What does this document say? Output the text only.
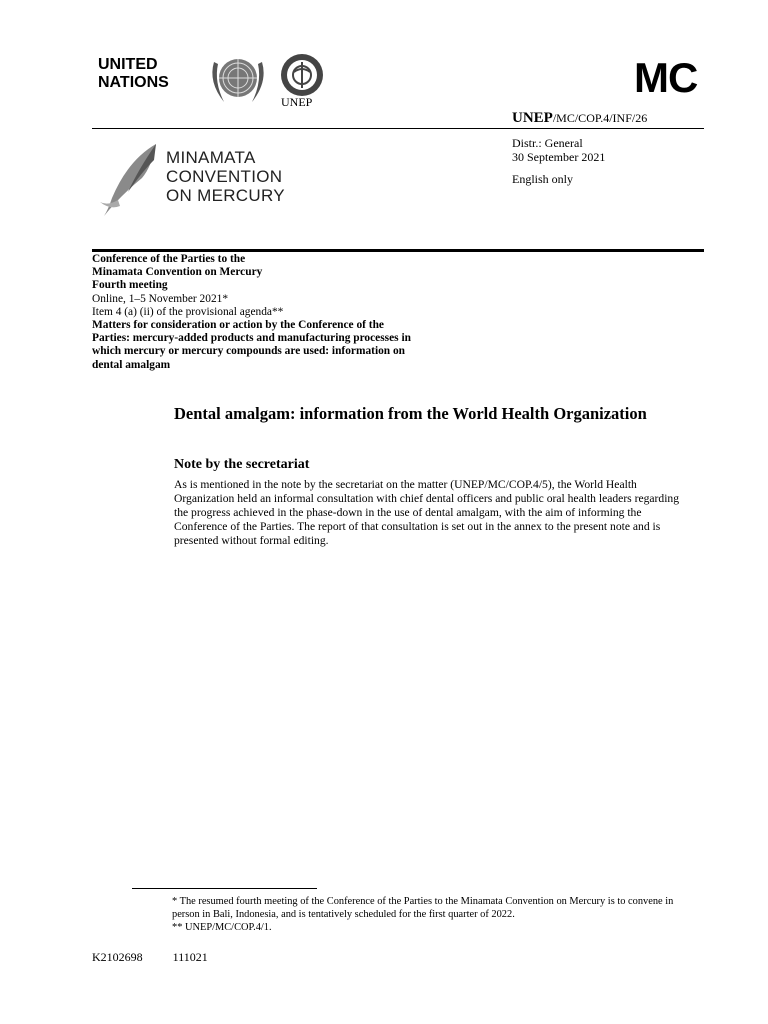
UNITED
NATIONS
UNEP
MC
UNEP/MC/COP.4/INF/26
Distr.: General
30 September 2021
English only
MINAMATA
CONVENTION
ON MERCURY
Conference of the Parties to the
Minamata Convention on Mercury
Fourth meeting
Online, 1–5 November 2021*
Item 4 (a) (ii) of the provisional agenda**
Matters for consideration or action by the Conference of the Parties: mercury-added products and manufacturing processes in which mercury or mercury compounds are used: information on dental amalgam
Dental amalgam: information from the World Health Organization
Note by the secretariat
As is mentioned in the note by the secretariat on the matter (UNEP/MC/COP.4/5), the World Health Organization held an informal consultation with chief dental officers and public oral health leaders regarding the progress achieved in the phase-down in the use of dental amalgam, with the aim of informing the Conference of the Parties. The report of that consultation is set out in the annex to the present note and is presented without formal editing.
* The resumed fourth meeting of the Conference of the Parties to the Minamata Convention on Mercury is to convene in person in Bali, Indonesia, and is tentatively scheduled for the first quarter of 2022.
** UNEP/MC/COP.4/1.
K2102698	111021
